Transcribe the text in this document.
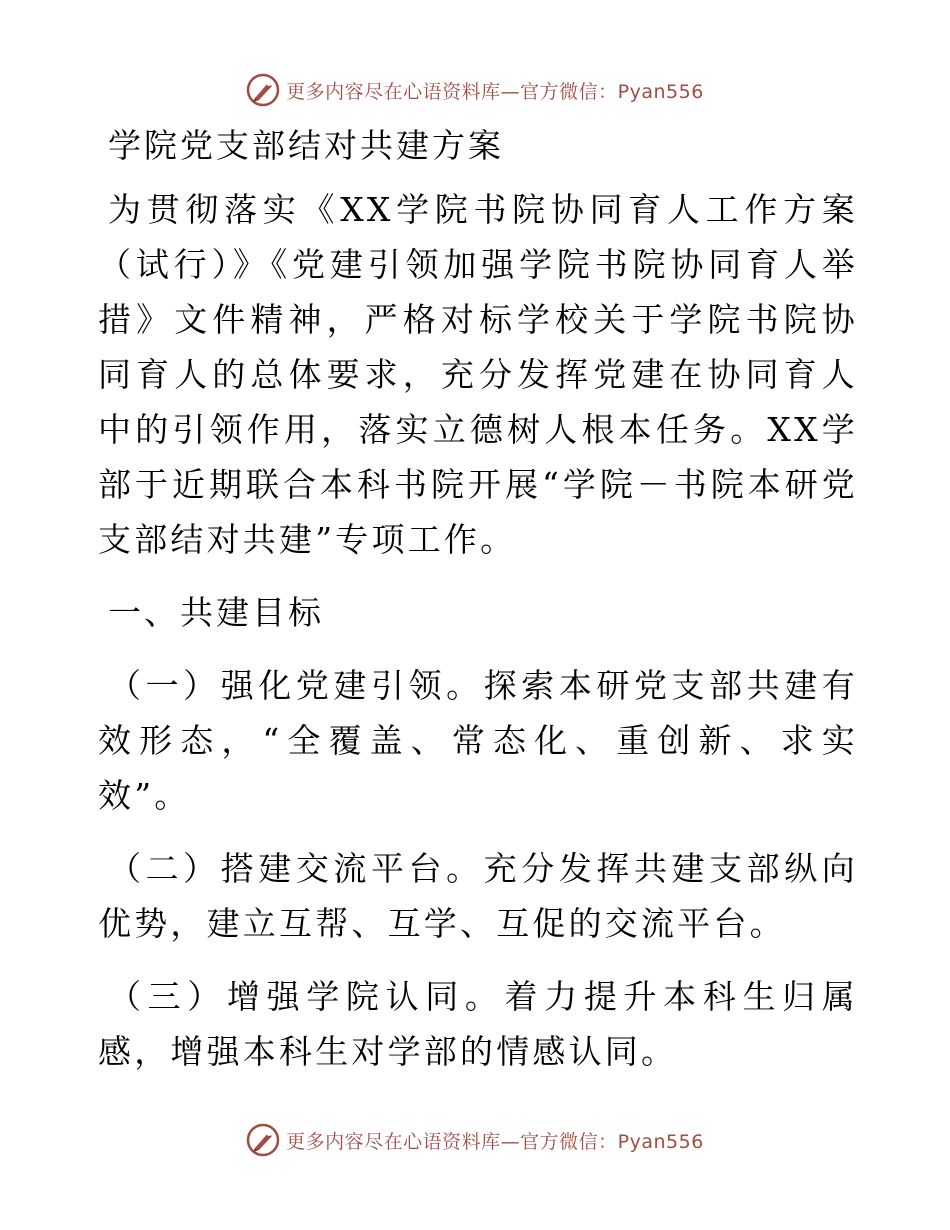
更多内容尽在心语资料库—官方微信：Pyan556
学院党支部结对共建方案

为贯彻落实《XX学院书院协同育人工作方案（试行）》《党建引领加强学院书院协同育人举措》文件精神，严格对标学校关于学院书院协同育人的总体要求，充分发挥党建在协同育人中的引领作用，落实立德树人根本任务。XX学部于近期联合本科书院开展“学院－书院本研党支部结对共建”专项工作。

一、共建目标

（一）强化党建引领。探索本研党支部共建有效形态，“全覆盖、常态化、重创新、求实效”。

（二）搭建交流平台。充分发挥共建支部纵向优势，建立互帮、互学、互促的交流平台。

（三）增强学院认同。着力提升本科生归属感，增强本科生对学部的情感认同。

更多内容尽在心语资料库—官方微信：Pyan556
